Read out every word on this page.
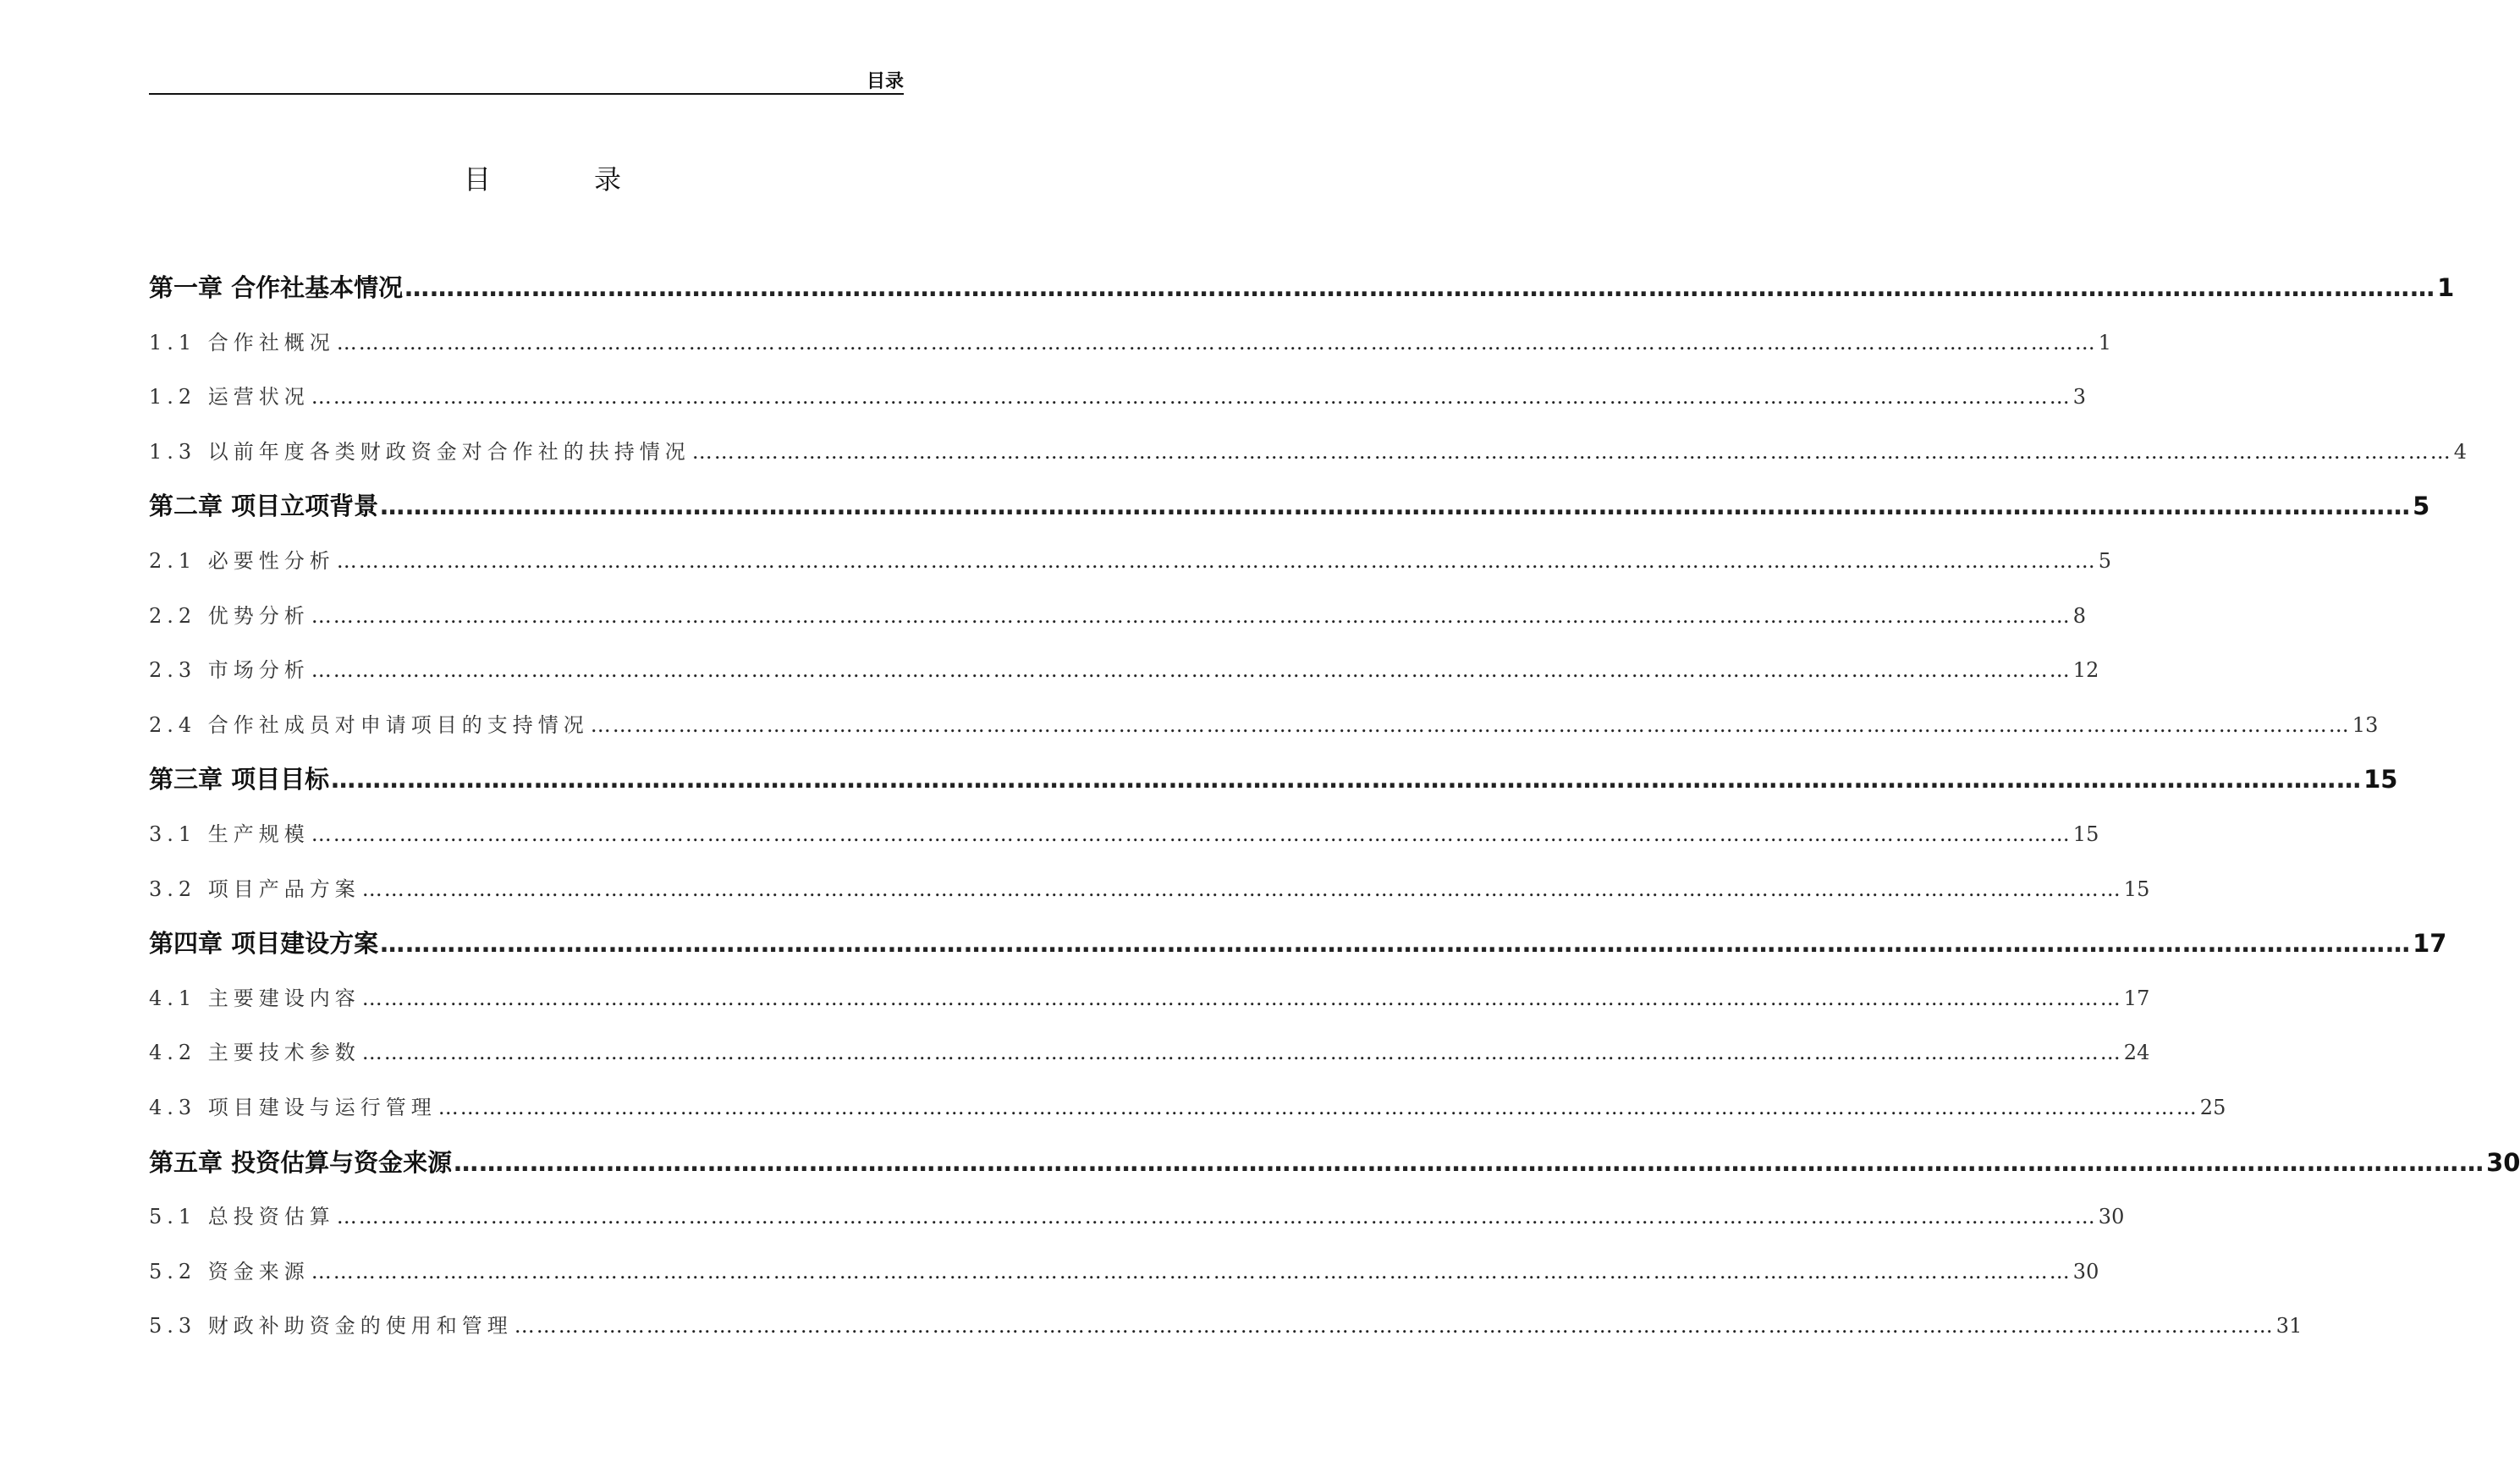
目录
目	录
第一章 合作社基本情况 …………………………………………………………………………………………………………………………………………………………………………………………………………………… 1
1.1 合作社概况 …………………………………………………………………………………………………………………………………………………………………………………………………………………… 1
1.2 运营状况 …………………………………………………………………………………………………………………………………………………………………………………………………………………… 3
1.3 以前年度各类财政资金对合作社的扶持情况 …………………………………………………………………………………………………………………………………………………………………………………………………………………… 4
第二章 项目立项背景 …………………………………………………………………………………………………………………………………………………………………………………………………………………… 5
2.1 必要性分析 …………………………………………………………………………………………………………………………………………………………………………………………………………………… 5
2.2 优势分析 …………………………………………………………………………………………………………………………………………………………………………………………………………………… 8
2.3 市场分析 …………………………………………………………………………………………………………………………………………………………………………………………………………………… 12
2.4 合作社成员对申请项目的支持情况 …………………………………………………………………………………………………………………………………………………………………………………………………………………… 13
第三章 项目目标 …………………………………………………………………………………………………………………………………………………………………………………………………………………… 15
3.1 生产规模 …………………………………………………………………………………………………………………………………………………………………………………………………………………… 15
3.2 项目产品方案 …………………………………………………………………………………………………………………………………………………………………………………………………………………… 15
第四章 项目建设方案 …………………………………………………………………………………………………………………………………………………………………………………………………………………… 17
4.1 主要建设内容 …………………………………………………………………………………………………………………………………………………………………………………………………………………… 17
4.2 主要技术参数 …………………………………………………………………………………………………………………………………………………………………………………………………………………… 24
4.3 项目建设与运行管理 …………………………………………………………………………………………………………………………………………………………………………………………………………………… 25
第五章 投资估算与资金来源 …………………………………………………………………………………………………………………………………………………………………………………………………………………… 30
5.1 总投资估算 …………………………………………………………………………………………………………………………………………………………………………………………………………………… 30
5.2 资金来源 …………………………………………………………………………………………………………………………………………………………………………………………………………………… 30
5.3 财政补助资金的使用和管理 …………………………………………………………………………………………………………………………………………………………………………………………………………………… 31
